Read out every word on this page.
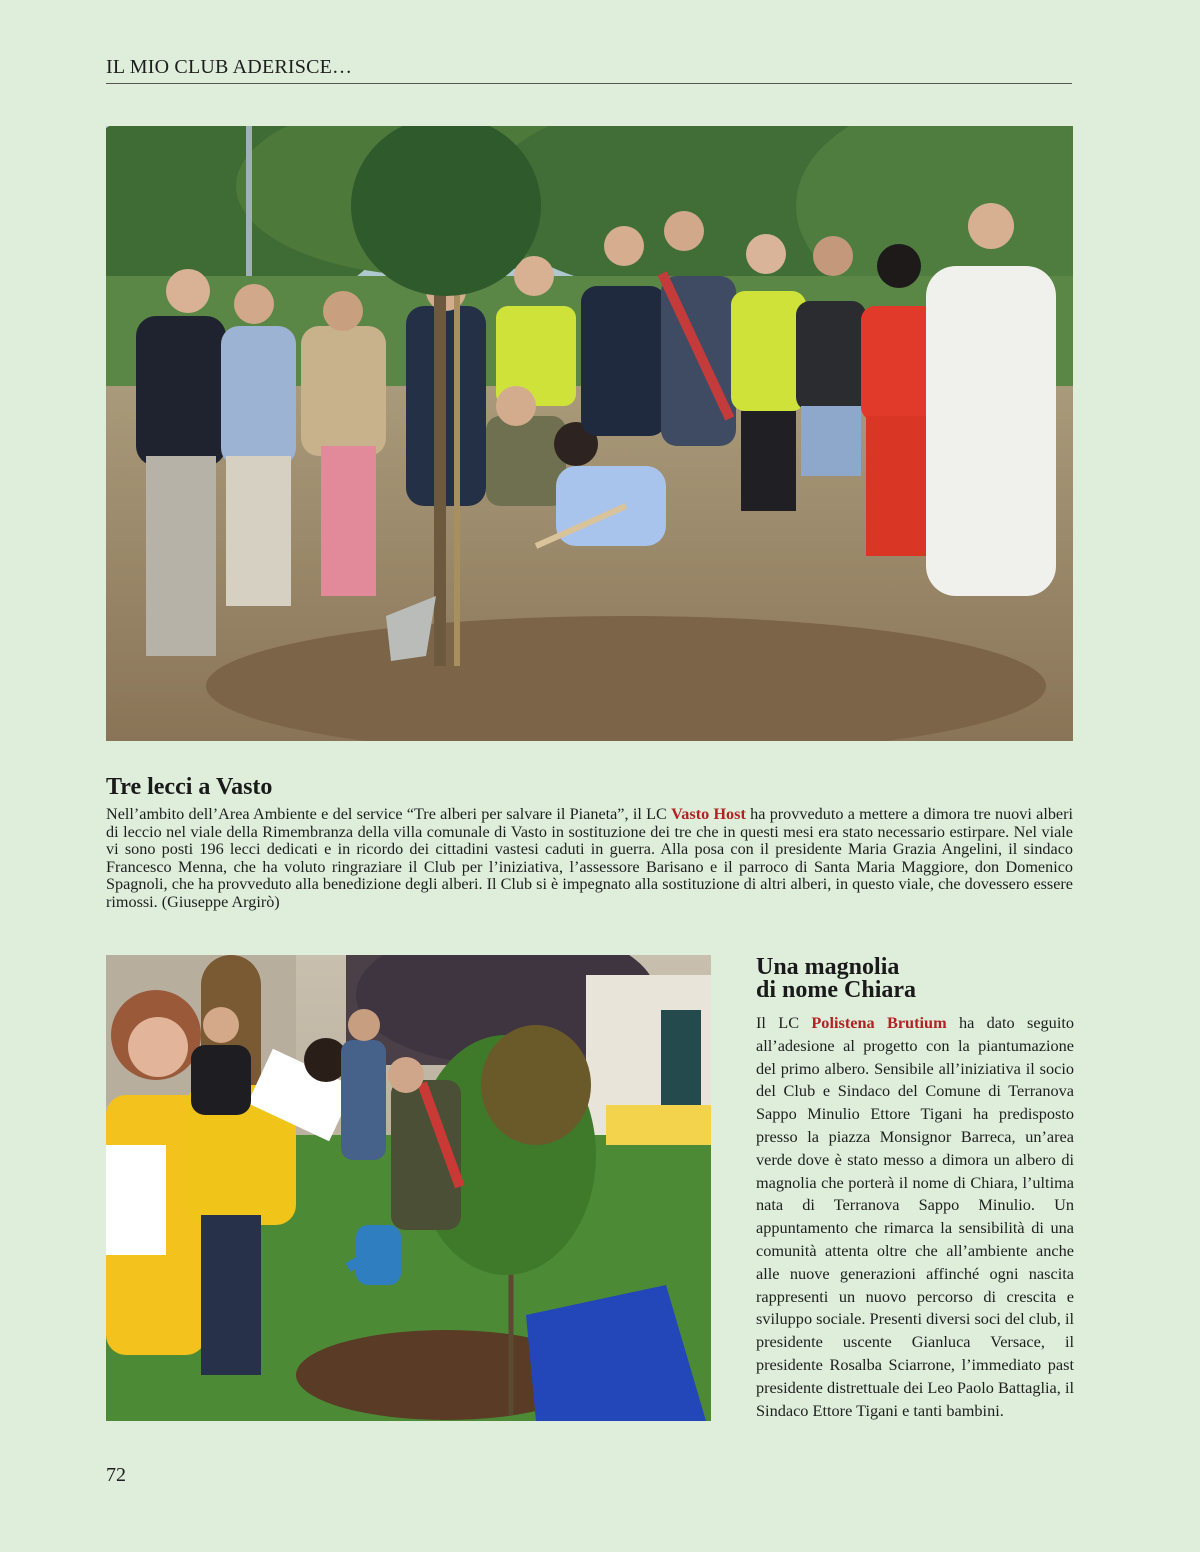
IL MIO CLUB ADERISCE…
Tre lecci a Vasto
Nell’ambito dell’Area Ambiente e del service “Tre alberi per salvare il Pianeta”, il LC Vasto Host ha provveduto a mettere a dimora tre nuovi alberi di leccio nel viale della Rimembranza della villa comunale di Vasto in sostituzione dei tre che in questi mesi era stato necessario estirpare. Nel viale vi sono posti 196 lecci dedicati e in ricordo dei cittadini vastesi caduti in guerra. Alla posa con il presidente Maria Grazia Angelini, il sindaco Francesco Menna, che ha voluto ringraziare il Club per l’iniziativa, l’assessore Barisano e il parroco di Santa Maria Maggiore, don Domenico Spagnoli, che ha provveduto alla benedizione degli alberi. Il Club si è impegnato alla sostituzione di altri alberi, in questo viale, che dovessero essere rimossi. (Giuseppe Argirò)
Una magnolia
di nome Chiara
Il LC Polistena Brutium ha dato seguito all’adesione al progetto con la piantumazione del primo albero. Sensibile all’iniziativa il socio del Club e Sindaco del Comune di Terranova Sappo Minulio Ettore Tigani ha predisposto presso la piazza Monsignor Barreca, un’area verde dove è stato messo a dimora un albero di magnolia che porterà il nome di Chiara, l’ultima nata di Terranova Sappo Minulio. Un appuntamento che rimarca la sensibilità di una comunità attenta oltre che all’ambiente anche alle nuove generazioni affinché ogni nascita rappresenti un nuovo percorso di crescita e sviluppo sociale. Presenti diversi soci del club, il presidente uscente Gianluca Versace, il presidente Rosalba Sciarrone, l’immediato past presidente distrettuale dei Leo Paolo Battaglia, il Sindaco Ettore Tigani e tanti bambini.
72
